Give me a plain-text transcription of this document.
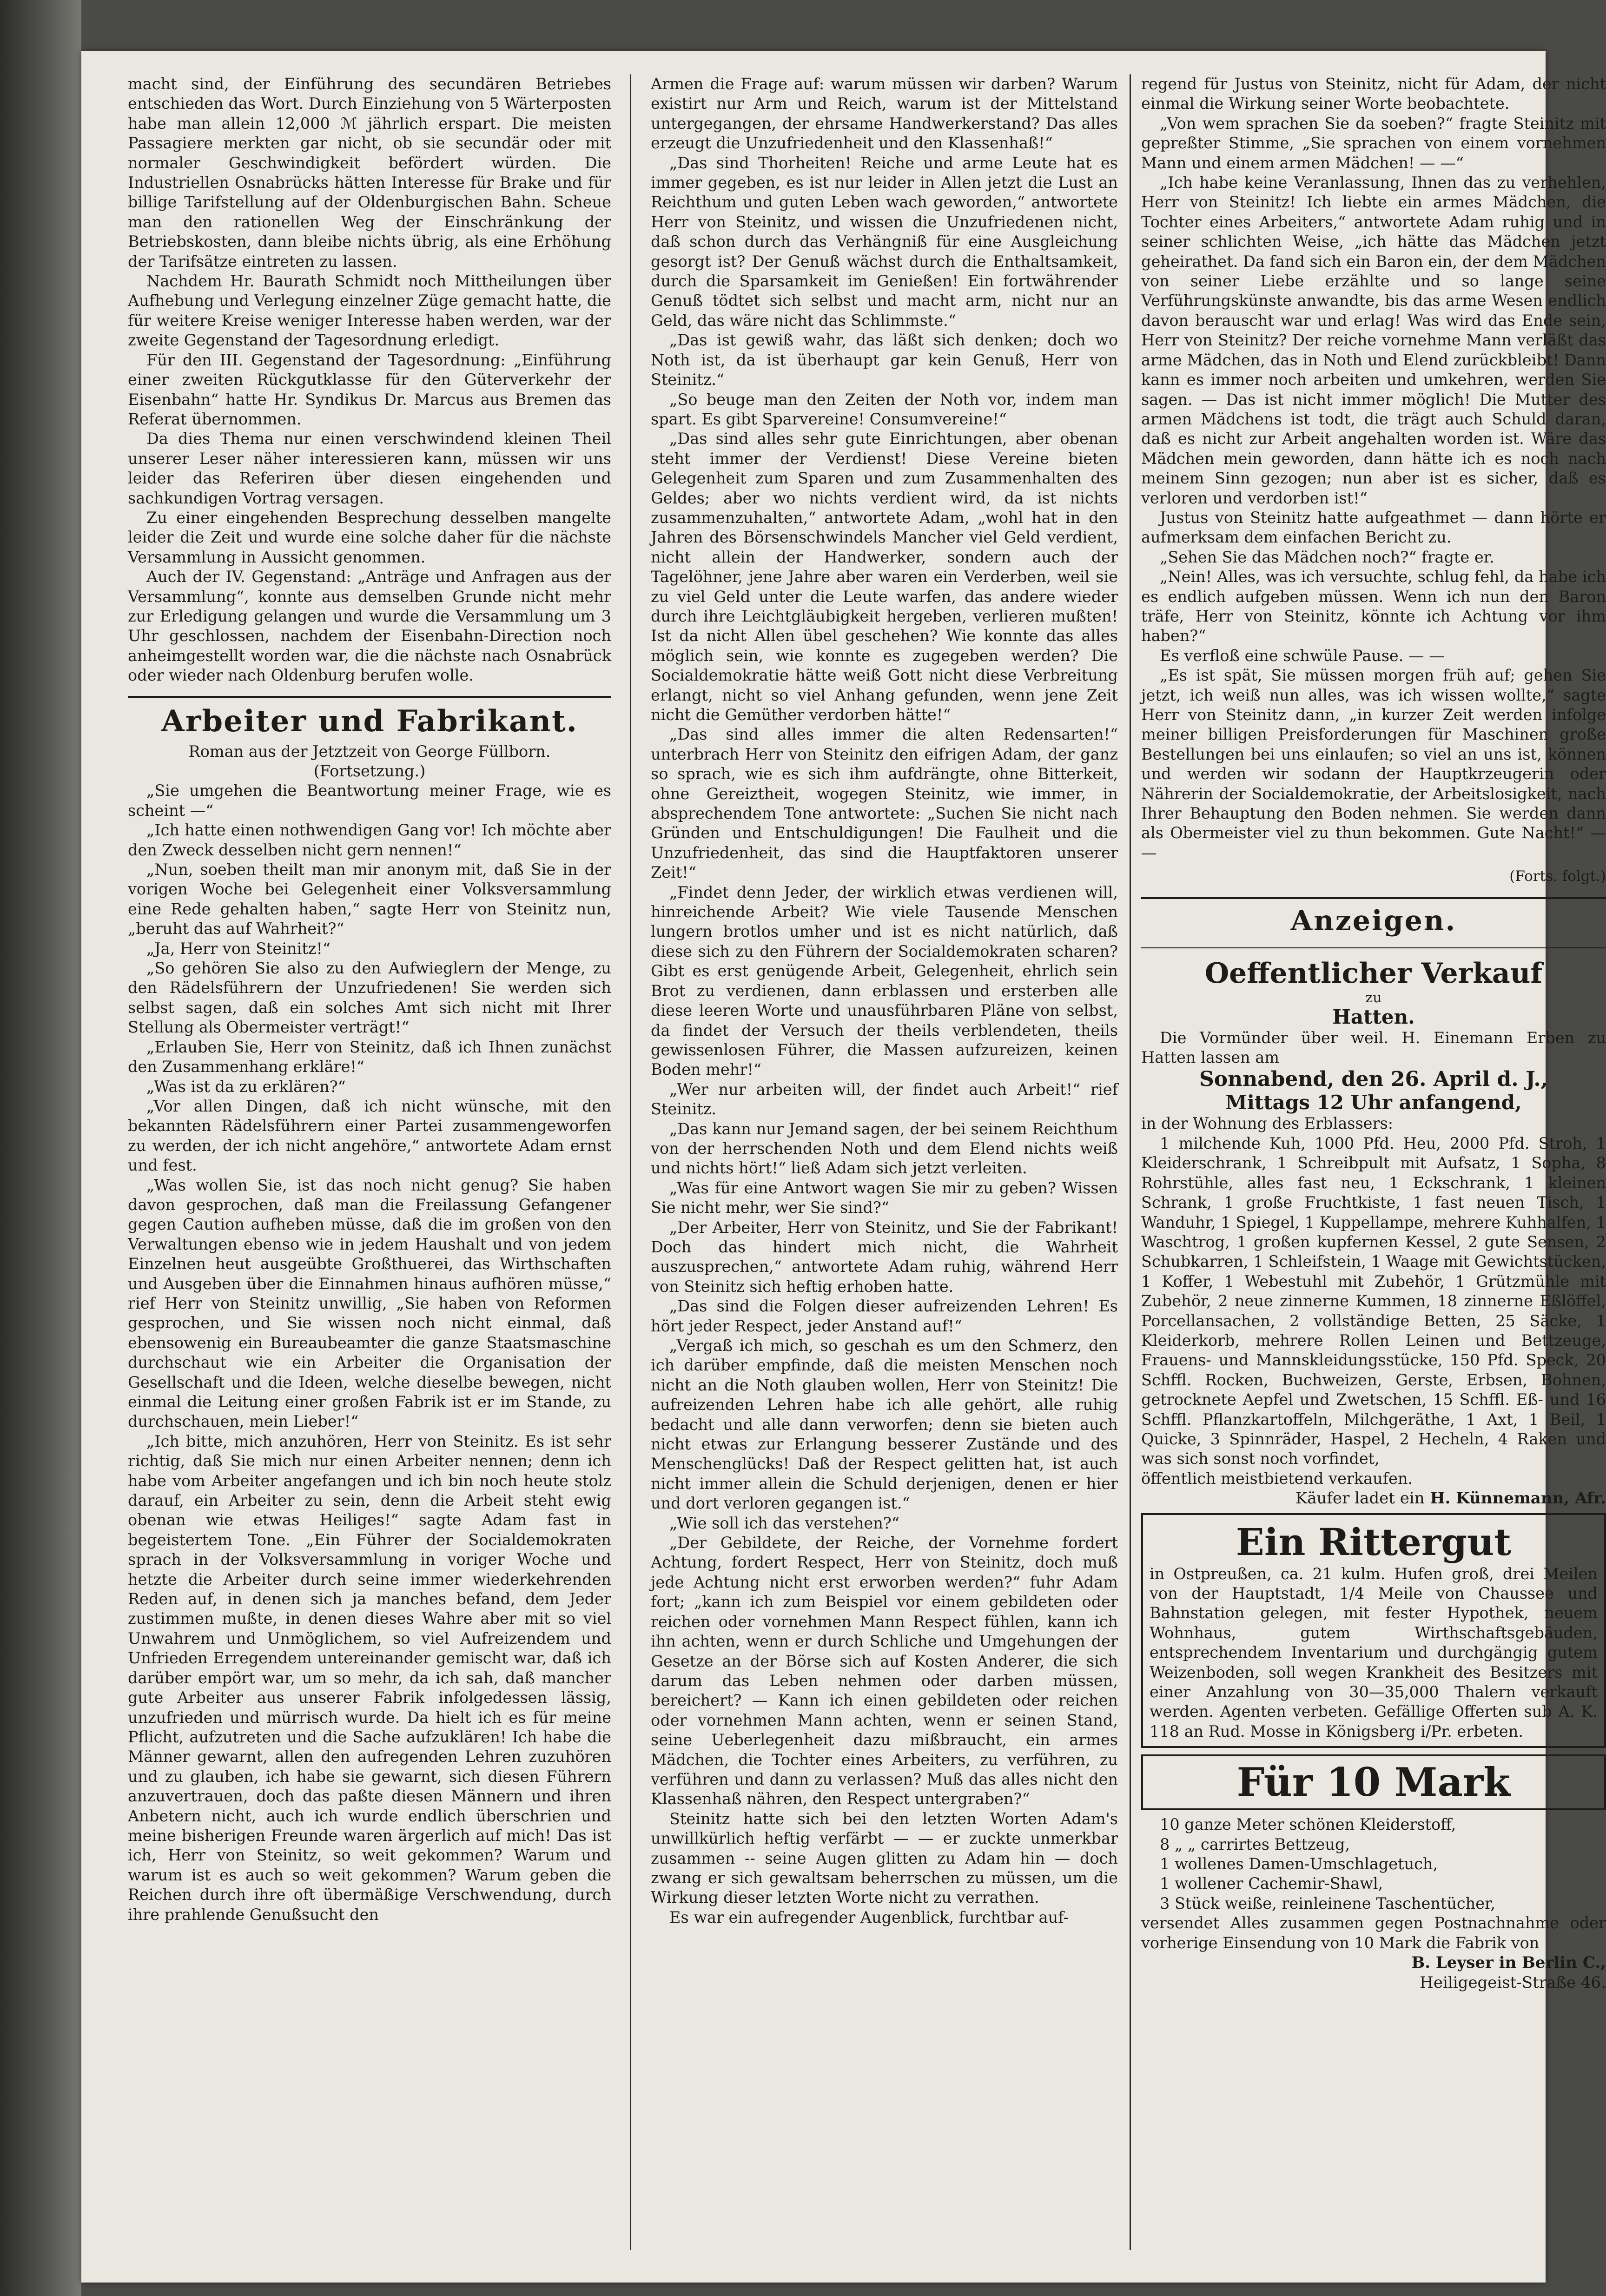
macht sind, der Einführung des secundären Betriebes entschieden das Wort. Durch Einziehung von 5 Wärterposten habe man allein 12,000 ℳ jährlich erspart. Die meisten Passagiere merkten gar nicht, ob sie secundär oder mit normaler Geschwindigkeit befördert würden. Die Industriellen Osnabrücks hätten Interesse für Brake und für billige Tarifstellung auf der Oldenburgischen Bahn. Scheue man den rationellen Weg der Einschränkung der Betriebskosten, dann bleibe nichts übrig, als eine Erhöhung der Tarifsätze eintreten zu lassen.

Nachdem Hr. Baurath Schmidt noch Mittheilungen über Aufhebung und Verlegung einzelner Züge gemacht hatte, die für weitere Kreise weniger Interesse haben werden, war der zweite Gegenstand der Tagesordnung erledigt.

Für den III. Gegenstand der Tagesordnung: „Einführung einer zweiten Rückgutklasse für den Güterverkehr der Eisenbahn“ hatte Hr. Syndikus Dr. Marcus aus Bremen das Referat übernommen.

Da dies Thema nur einen verschwindend kleinen Theil unserer Leser näher interessieren kann, müssen wir uns leider das Referiren über diesen eingehenden und sachkundigen Vortrag versagen.

Zu einer eingehenden Besprechung desselben mangelte leider die Zeit und wurde eine solche daher für die nächste Versammlung in Aussicht genommen.

Auch der IV. Gegenstand: „Anträge und Anfragen aus der Versammlung“, konnte aus demselben Grunde nicht mehr zur Erledigung gelangen und wurde die Versammlung um 3 Uhr geschlossen, nachdem der Eisenbahn-Direction noch anheimgestellt worden war, die die nächste nach Osnabrück oder wieder nach Oldenburg berufen wolle.

Arbeiter und Fabrikant.
Roman aus der Jetztzeit von George Füllborn.
(Fortsetzung.)

„Sie umgehen die Beantwortung meiner Frage, wie es scheint —“

„Ich hatte einen nothwendigen Gang vor! Ich möchte aber den Zweck desselben nicht gern nennen!“

„Nun, soeben theilt man mir anonym mit, daß Sie in der vorigen Woche bei Gelegenheit einer Volksversammlung eine Rede gehalten haben,“ sagte Herr von Steinitz nun, „beruht das auf Wahrheit?“

„Ja, Herr von Steinitz!“

„So gehören Sie also zu den Aufwieglern der Menge, zu den Rädelsführern der Unzufriedenen! Sie werden sich selbst sagen, daß ein solches Amt sich nicht mit Ihrer Stellung als Obermeister verträgt!“

„Erlauben Sie, Herr von Steinitz, daß ich Ihnen zunächst den Zusammenhang erkläre!“

„Was ist da zu erklären?“

„Vor allen Dingen, daß ich nicht wünsche, mit den bekannten Rädelsführern einer Partei zusammengeworfen zu werden, der ich nicht angehöre,“ antwortete Adam ernst und fest.

„Was wollen Sie, ist das noch nicht genug? Sie haben davon gesprochen, daß man die Freilassung Gefangener gegen Caution aufheben müsse, daß die im großen von den Verwaltungen ebenso wie in jedem Haushalt und von jedem Einzelnen heut ausgeübte Großthuerei, das Wirthschaften und Ausgeben über die Einnahmen hinaus aufhören müsse,“ rief Herr von Steinitz unwillig, „Sie haben von Reformen gesprochen, und Sie wissen noch nicht einmal, daß ebensowenig ein Bureaubeamter die ganze Staatsmaschine durchschaut wie ein Arbeiter die Organisation der Gesellschaft und die Ideen, welche dieselbe bewegen, nicht einmal die Leitung einer großen Fabrik ist er im Stande, zu durchschauen, mein Lieber!“

„Ich bitte, mich anzuhören, Herr von Steinitz. Es ist sehr richtig, daß Sie mich nur einen Arbeiter nennen; denn ich habe vom Arbeiter angefangen und ich bin noch heute stolz darauf, ein Arbeiter zu sein, denn die Arbeit steht ewig obenan wie etwas Heiliges!“ sagte Adam fast in begeistertem Tone. „Ein Führer der Socialdemokraten sprach in der Volksversammlung in voriger Woche und hetzte die Arbeiter durch seine immer wiederkehrenden Reden auf, in denen sich ja manches befand, dem Jeder zustimmen mußte, in denen dieses Wahre aber mit so viel Unwahrem und Unmöglichem, so viel Aufreizendem und Unfrieden Erregendem untereinander gemischt war, daß ich darüber empört war, um so mehr, da ich sah, daß mancher gute Arbeiter aus unserer Fabrik infolgedessen lässig, unzufrieden und mürrisch wurde. Da hielt ich es für meine Pflicht, aufzutreten und die Sache aufzuklären! Ich habe die Männer gewarnt, allen den aufregenden Lehren zuzuhören und zu glauben, ich habe sie gewarnt, sich diesen Führern anzuvertrauen, doch das paßte diesen Männern und ihren Anbetern nicht, auch ich wurde endlich überschrien und meine bisherigen Freunde waren ärgerlich auf mich! Das ist ich, Herr von Steinitz, so weit gekommen? Warum und warum ist es auch so weit gekommen? Warum geben die Reichen durch ihre oft übermäßige Verschwendung, durch ihre prahlende Genußsucht den

Armen die Frage auf: warum müssen wir darben? Warum existirt nur Arm und Reich, warum ist der Mittelstand untergegangen, der ehrsame Handwerkerstand? Das alles erzeugt die Unzufriedenheit und den Klassenhaß!“

„Das sind Thorheiten! Reiche und arme Leute hat es immer gegeben, es ist nur leider in Allen jetzt die Lust an Reichthum und guten Leben wach geworden,“ antwortete Herr von Steinitz, und wissen die Unzufriedenen nicht, daß schon durch das Verhängniß für eine Ausgleichung gesorgt ist? Der Genuß wächst durch die Enthaltsamkeit, durch die Sparsamkeit im Genießen! Ein fortwährender Genuß tödtet sich selbst und macht arm, nicht nur an Geld, das wäre nicht das Schlimmste.“

„Das ist gewiß wahr, das läßt sich denken; doch wo Noth ist, da ist überhaupt gar kein Genuß, Herr von Steinitz.“

„So beuge man den Zeiten der Noth vor, indem man spart. Es gibt Sparvereine! Consumvereine!“

„Das sind alles sehr gute Einrichtungen, aber obenan steht immer der Verdienst! Diese Vereine bieten Gelegenheit zum Sparen und zum Zusammenhalten des Geldes; aber wo nichts verdient wird, da ist nichts zusammenzuhalten,“ antwortete Adam, „wohl hat in den Jahren des Börsenschwindels Mancher viel Geld verdient, nicht allein der Handwerker, sondern auch der Tagelöhner, jene Jahre aber waren ein Verderben, weil sie zu viel Geld unter die Leute warfen, das andere wieder durch ihre Leichtgläubigkeit hergeben, verlieren mußten! Ist da nicht Allen übel geschehen? Wie konnte das alles möglich sein, wie konnte es zugegeben werden? Die Socialdemokratie hätte weiß Gott nicht diese Verbreitung erlangt, nicht so viel Anhang gefunden, wenn jene Zeit nicht die Gemüther verdorben hätte!“

„Das sind alles immer die alten Redensarten!“ unterbrach Herr von Steinitz den eifrigen Adam, der ganz so sprach, wie es sich ihm aufdrängte, ohne Bitterkeit, ohne Gereiztheit, wogegen Steinitz, wie immer, in absprechendem Tone antwortete: „Suchen Sie nicht nach Gründen und Entschuldigungen! Die Faulheit und die Unzufriedenheit, das sind die Hauptfaktoren unserer Zeit!“

„Findet denn Jeder, der wirklich etwas verdienen will, hinreichende Arbeit? Wie viele Tausende Menschen lungern brotlos umher und ist es nicht natürlich, daß diese sich zu den Führern der Socialdemokraten scharen? Gibt es erst genügende Arbeit, Gelegenheit, ehrlich sein Brot zu verdienen, dann erblassen und ersterben alle diese leeren Worte und unausführbaren Pläne von selbst, da findet der Versuch der theils verblendeten, theils gewissenlosen Führer, die Massen aufzureizen, keinen Boden mehr!“

„Wer nur arbeiten will, der findet auch Arbeit!“ rief Steinitz.

„Das kann nur Jemand sagen, der bei seinem Reichthum von der herrschenden Noth und dem Elend nichts weiß und nichts hört!“ ließ Adam sich jetzt verleiten.

„Was für eine Antwort wagen Sie mir zu geben? Wissen Sie nicht mehr, wer Sie sind?“

„Der Arbeiter, Herr von Steinitz, und Sie der Fabrikant! Doch das hindert mich nicht, die Wahrheit auszusprechen,“ antwortete Adam ruhig, während Herr von Steinitz sich heftig erhoben hatte.

„Das sind die Folgen dieser aufreizenden Lehren! Es hört jeder Respect, jeder Anstand auf!“

„Vergaß ich mich, so geschah es um den Schmerz, den ich darüber empfinde, daß die meisten Menschen noch nicht an die Noth glauben wollen, Herr von Steinitz! Die aufreizenden Lehren habe ich alle gehört, alle ruhig bedacht und alle dann verworfen; denn sie bieten auch nicht etwas zur Erlangung besserer Zustände und des Menschenglücks! Daß der Respect gelitten hat, ist auch nicht immer allein die Schuld derjenigen, denen er hier und dort verloren gegangen ist.“

„Wie soll ich das verstehen?“

„Der Gebildete, der Reiche, der Vornehme fordert Achtung, fordert Respect, Herr von Steinitz, doch muß jede Achtung nicht erst erworben werden?“ fuhr Adam fort; „kann ich zum Beispiel vor einem gebildeten oder reichen oder vornehmen Mann Respect fühlen, kann ich ihn achten, wenn er durch Schliche und Umgehungen der Gesetze an der Börse sich auf Kosten Anderer, die sich darum das Leben nehmen oder darben müssen, bereichert? — Kann ich einen gebildeten oder reichen oder vornehmen Mann achten, wenn er seinen Stand, seine Ueberlegenheit dazu mißbraucht, ein armes Mädchen, die Tochter eines Arbeiters, zu verführen, zu verführen und dann zu verlassen? Muß das alles nicht den Klassenhaß nähren, den Respect untergraben?“

Steinitz hatte sich bei den letzten Worten Adam's unwillkürlich heftig verfärbt — — er zuckte unmerkbar zusammen -- seine Augen glitten zu Adam hin — doch zwang er sich gewaltsam beherrschen zu müssen, um die Wirkung dieser letzten Worte nicht zu verrathen.

Es war ein aufregender Augenblick, furchtbar auf-

regend für Justus von Steinitz, nicht für Adam, der nicht einmal die Wirkung seiner Worte beobachtete.

„Von wem sprachen Sie da soeben?“ fragte Steinitz mit gepreßter Stimme, „Sie sprachen von einem vornehmen Mann und einem armen Mädchen! — —“

„Ich habe keine Veranlassung, Ihnen das zu verhehlen, Herr von Steinitz! Ich liebte ein armes Mädchen, die Tochter eines Arbeiters,“ antwortete Adam ruhig und in seiner schlichten Weise, „ich hätte das Mädchen jetzt geheirathet. Da fand sich ein Baron ein, der dem Mädchen von seiner Liebe erzählte und so lange seine Verführungskünste anwandte, bis das arme Wesen endlich davon berauscht war und erlag! Was wird das Ende sein, Herr von Steinitz? Der reiche vornehme Mann verläßt das arme Mädchen, das in Noth und Elend zurückbleibt! Dann kann es immer noch arbeiten und umkehren, werden Sie sagen. — Das ist nicht immer möglich! Die Mutter des armen Mädchens ist todt, die trägt auch Schuld daran, daß es nicht zur Arbeit angehalten worden ist. Wäre das Mädchen mein geworden, dann hätte ich es noch nach meinem Sinn gezogen; nun aber ist es sicher, daß es verloren und verdorben ist!“

Justus von Steinitz hatte aufgeathmet — dann hörte er aufmerksam dem einfachen Bericht zu.

„Sehen Sie das Mädchen noch?“ fragte er.

„Nein! Alles, was ich versuchte, schlug fehl, da habe ich es endlich aufgeben müssen. Wenn ich nun den Baron träfe, Herr von Steinitz, könnte ich Achtung vor ihm haben?“

Es verfloß eine schwüle Pause. — —

„Es ist spät, Sie müssen morgen früh auf; gehen Sie jetzt, ich weiß nun alles, was ich wissen wollte,“ sagte Herr von Steinitz dann, „in kurzer Zeit werden infolge meiner billigen Preisforderungen für Maschinen große Bestellungen bei uns einlaufen; so viel an uns ist, können und werden wir sodann der Hauptkrzeugerin oder Nährerin der Socialdemokratie, der Arbeitslosigkeit, nach Ihrer Behauptung den Boden nehmen. Sie werden dann als Obermeister viel zu thun bekommen. Gute Nacht!“ — —

(Forts. folgt.)
Anzeigen.
Oeffentlicher Verkauf
zu
Hatten.

Die Vormünder über weil. H. Einemann Erben zu Hatten lassen am

Sonnabend, den 26. April d. J.,
Mittags 12 Uhr anfangend,

in der Wohnung des Erblassers:

1 milchende Kuh, 1000 Pfd. Heu, 2000 Pfd. Stroh, 1 Kleiderschrank, 1 Schreibpult mit Aufsatz, 1 Sopha, 8 Rohrstühle, alles fast neu, 1 Eckschrank, 1 kleinen Schrank, 1 große Fruchtkiste, 1 fast neuen Tisch, 1 Wanduhr, 1 Spiegel, 1 Kuppellampe, mehrere Kuhhalfen, 1 Waschtrog, 1 großen kupfernen Kessel, 2 gute Sensen, 2 Schubkarren, 1 Schleifstein, 1 Waage mit Gewichtstücken, 1 Koffer, 1 Webestuhl mit Zubehör, 1 Grützmühle mit Zubehör, 2 neue zinnerne Kummen, 18 zinnerne Eßlöffel, Porcellansachen, 2 vollständige Betten, 25 Säcke, 1 Kleiderkorb, mehrere Rollen Leinen und Bettzeuge, Frauens- und Mannskleidungsstücke, 150 Pfd. Speck, 20 Schffl. Rocken, Buchweizen, Gerste, Erbsen, Bohnen, getrocknete Aepfel und Zwetschen, 15 Schffl. Eß- und 16 Schffl. Pflanzkartoffeln, Milchgeräthe, 1 Axt, 1 Beil, 1 Quicke, 3 Spinnräder, Haspel, 2 Hecheln, 4 Raken und was sich sonst noch vorfindet,

öffentlich meistbietend verkaufen.

Käufer ladet ein H. Künnemann, Afr.
Ein Rittergut

in Ostpreußen, ca. 21 kulm. Hufen groß, drei Meilen von der Hauptstadt, 1/4 Meile von Chaussee und Bahnstation gelegen, mit fester Hypothek, neuem Wohnhaus, gutem Wirthschaftsgebäuden, entsprechendem Inventarium und durchgängig gutem Weizenboden, soll wegen Krankheit des Besitzers mit einer Anzahlung von 30—35,000 Thalern verkauft werden. Agenten verbeten. Gefällige Offerten sub A. K. 118 an Rud. Mosse in Königsberg i/Pr. erbeten.

Für 10 Mark

10 ganze Meter schönen Kleiderstoff,

8 „ „ carrirtes Bettzeug,

1 wollenes Damen-Umschlagetuch,

1 wollener Cachemir-Shawl,

3 Stück weiße, reinleinene Taschentücher,

versendet Alles zusammen gegen Postnachnahme oder vorherige Einsendung von 10 Mark die Fabrik von

B. Leyser in Berlin C.,
Heiligegeist-Straße 46.
